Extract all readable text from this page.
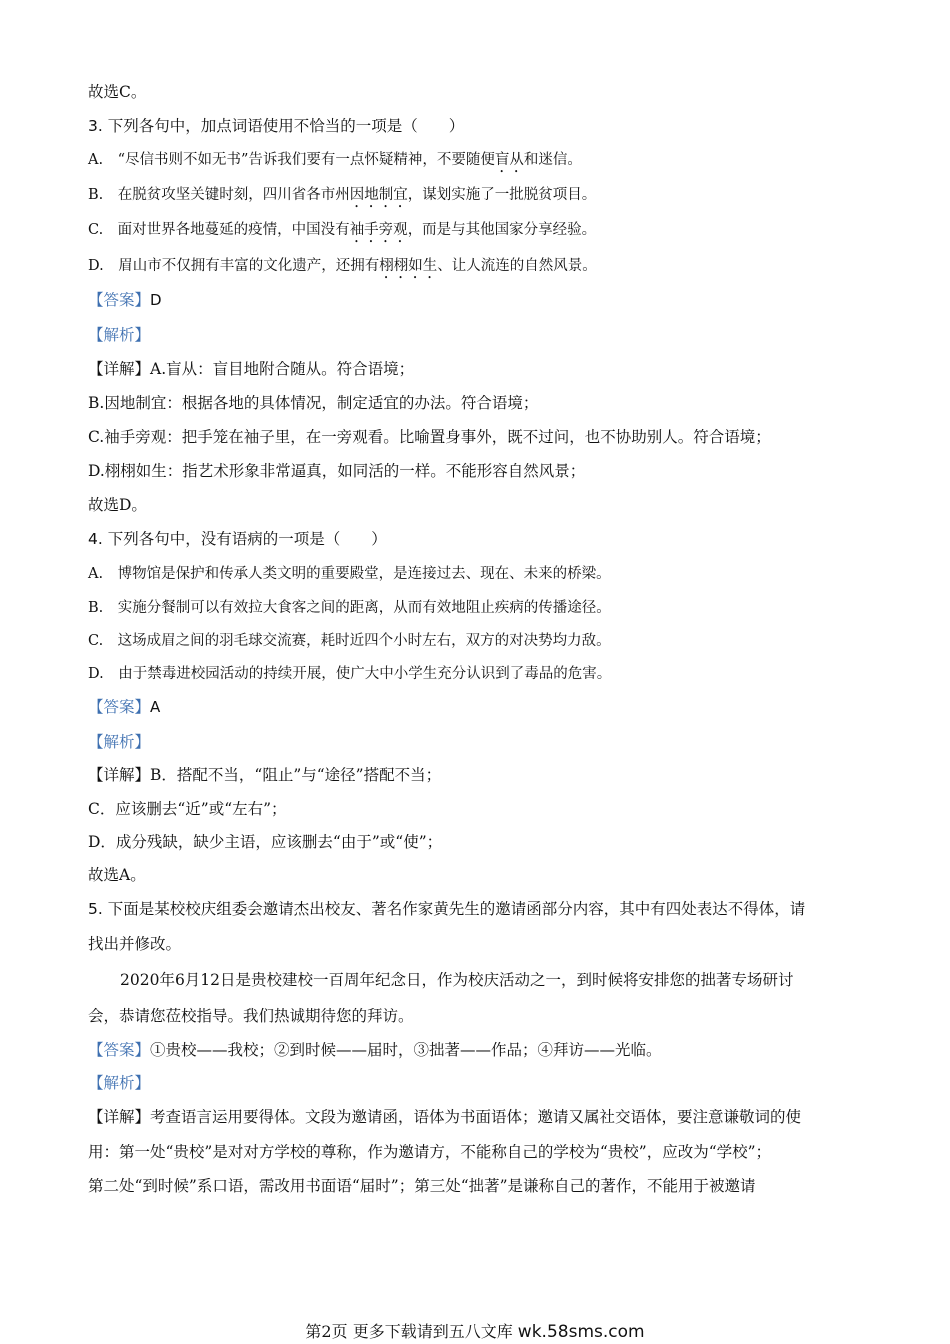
故选C。
3. 下列各句中，加点词语使用不恰当的一项是（　　）
A.　“尽信书则不如无书”告诉我们要有一点怀疑精神，不要随便盲从和迷信。
B.　在脱贫攻坚关键时刻，四川省各市州因地制宜，谋划实施了一批脱贫项目。
C.　面对世界各地蔓延的疫情，中国没有袖手旁观，而是与其他国家分享经验。
D.　眉山市不仅拥有丰富的文化遗产，还拥有栩栩如生、让人流连的自然风景。
【答案】D
【解析】
【详解】A.盲从：盲目地附合随从。符合语境；
B.因地制宜：根据各地的具体情况，制定适宜的办法。符合语境；
C.袖手旁观：把手笼在袖子里，在一旁观看。比喻置身事外，既不过问，也不协助别人。符合语境；
D.栩栩如生：指艺术形象非常逼真，如同活的一样。不能形容自然风景；
故选D。
4. 下列各句中，没有语病的一项是（　　）
A.　博物馆是保护和传承人类文明的重要殿堂，是连接过去、现在、未来的桥梁。
B.　实施分餐制可以有效拉大食客之间的距离，从而有效地阻止疾病的传播途径。
C.　这场成眉之间的羽毛球交流赛，耗时近四个小时左右，双方的对决势均力敌。
D.　由于禁毒进校园活动的持续开展，使广大中小学生充分认识到了毒品的危害。
【答案】A
【解析】
【详解】B．搭配不当，“阻止”与“途径”搭配不当；
C．应该删去“近”或“左右”；
D．成分残缺，缺少主语，应该删去“由于”或“使”；
故选A。
5. 下面是某校校庆组委会邀请杰出校友、著名作家黄先生的邀请函部分内容，其中有四处表达不得体，请
找出并修改。
2020年6月12日是贵校建校一百周年纪念日，作为校庆活动之一，到时候将安排您的拙著专场研讨
会，恭请您莅校指导。我们热诚期待您的拜访。
【答案】①贵校——我校；②到时候——届时，③拙著——作品；④拜访——光临。
【解析】
【详解】考查语言运用要得体。文段为邀请函，语体为书面语体；邀请又属社交语体，要注意谦敬词的使
用：第一处“贵校”是对对方学校的尊称，作为邀请方，不能称自己的学校为“贵校”，应改为“学校”；
第二处“到时候”系口语，需改用书面语“届时”；第三处“拙著”是谦称自己的著作，不能用于被邀请
第2页 更多下载请到五八文库 wk.58sms.com
